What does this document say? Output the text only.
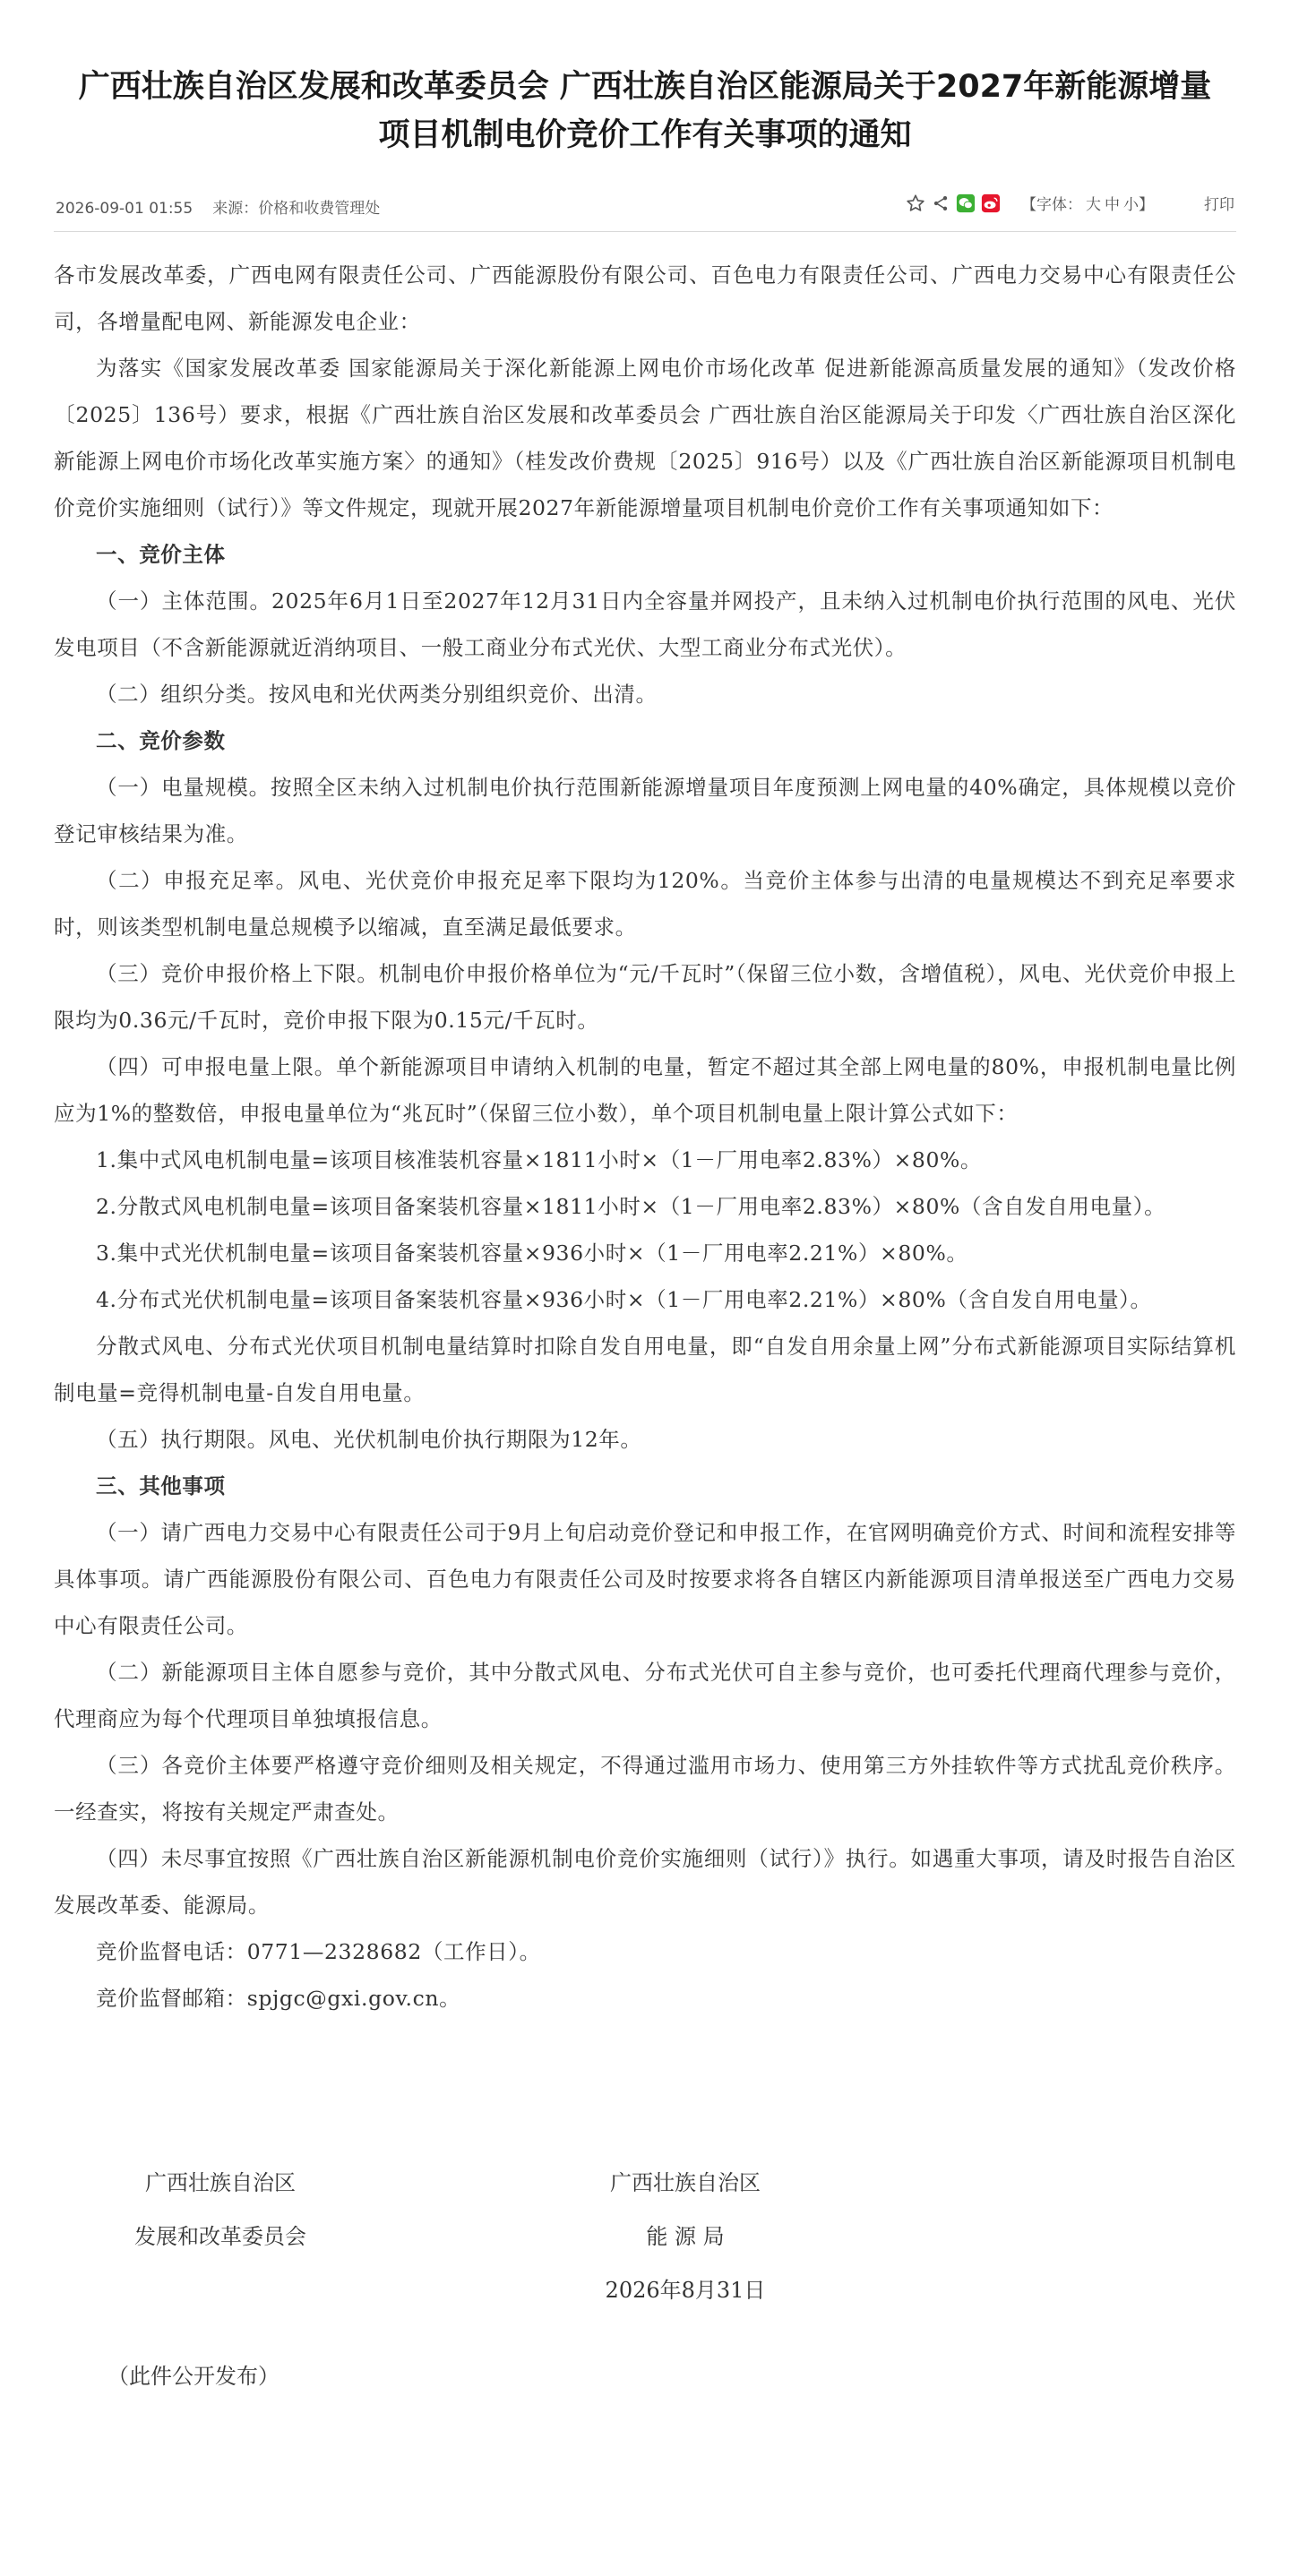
广西壮族自治区发展和改革委员会 广西壮族自治区能源局关于2027年新能源增量
项目机制电价竞价工作有关事项的通知
2026-09-01 01:55 来源：价格和收费管理处	【字体： 大 中 小】	打印

各市发展改革委，广西电网有限责任公司、广西能源股份有限公司、百色电力有限责任公司、广西电力交易中心有限责任公司，各增量配电网、新能源发电企业：

为落实《国家发展改革委 国家能源局关于深化新能源上网电价市场化改革 促进新能源高质量发展的通知》（发改价格〔2025〕136号）要求，根据《广西壮族自治区发展和改革委员会 广西壮族自治区能源局关于印发〈广西壮族自治区深化新能源上网电价市场化改革实施方案〉的通知》（桂发改价费规〔2025〕916号）以及《广西壮族自治区新能源项目机制电价竞价实施细则（试行）》等文件规定，现就开展2027年新能源增量项目机制电价竞价工作有关事项通知如下：

一、竞价主体

（一）主体范围。2025年6月1日至2027年12月31日内全容量并网投产，且未纳入过机制电价执行范围的风电、光伏发电项目（不含新能源就近消纳项目、一般工商业分布式光伏、大型工商业分布式光伏）。

（二）组织分类。按风电和光伏两类分别组织竞价、出清。

二、竞价参数

（一）电量规模。按照全区未纳入过机制电价执行范围新能源增量项目年度预测上网电量的40%确定，具体规模以竞价登记审核结果为准。

（二）申报充足率。风电、光伏竞价申报充足率下限均为120%。当竞价主体参与出清的电量规模达不到充足率要求时，则该类型机制电量总规模予以缩减，直至满足最低要求。

（三）竞价申报价格上下限。机制电价申报价格单位为“元/千瓦时”（保留三位小数，含增值税），风电、光伏竞价申报上限均为0.36元/千瓦时，竞价申报下限为0.15元/千瓦时。

（四）可申报电量上限。单个新能源项目申请纳入机制的电量，暂定不超过其全部上网电量的80%，申报机制电量比例应为1%的整数倍，申报电量单位为“兆瓦时”（保留三位小数），单个项目机制电量上限计算公式如下：

1.集中式风电机制电量=该项目核准装机容量×1811小时×（1－厂用电率2.83%）×80%。

2.分散式风电机制电量=该项目备案装机容量×1811小时×（1－厂用电率2.83%）×80%（含自发自用电量）。

3.集中式光伏机制电量=该项目备案装机容量×936小时×（1－厂用电率2.21%）×80%。

4.分布式光伏机制电量=该项目备案装机容量×936小时×（1－厂用电率2.21%）×80%（含自发自用电量）。

分散式风电、分布式光伏项目机制电量结算时扣除自发自用电量，即“自发自用余量上网”分布式新能源项目实际结算机制电量=竞得机制电量-自发自用电量。

（五）执行期限。风电、光伏机制电价执行期限为12年。

三、其他事项

（一）请广西电力交易中心有限责任公司于9月上旬启动竞价登记和申报工作，在官网明确竞价方式、时间和流程安排等具体事项。请广西能源股份有限公司、百色电力有限责任公司及时按要求将各自辖区内新能源项目清单报送至广西电力交易中心有限责任公司。

（二）新能源项目主体自愿参与竞价，其中分散式风电、分布式光伏可自主参与竞价，也可委托代理商代理参与竞价，代理商应为每个代理项目单独填报信息。

（三）各竞价主体要严格遵守竞价细则及相关规定，不得通过滥用市场力、使用第三方外挂软件等方式扰乱竞价秩序。一经查实，将按有关规定严肃查处。

（四）未尽事宜按照《广西壮族自治区新能源机制电价竞价实施细则（试行）》执行。如遇重大事项，请及时报告自治区发展改革委、能源局。

竞价监督电话：0771—2328682（工作日）。

竞价监督邮箱：spjgc@gxi.gov.cn。

广西壮族自治区
发展和改革委员会
广西壮族自治区
能 源 局
2026年8月31日
（此件公开发布）
